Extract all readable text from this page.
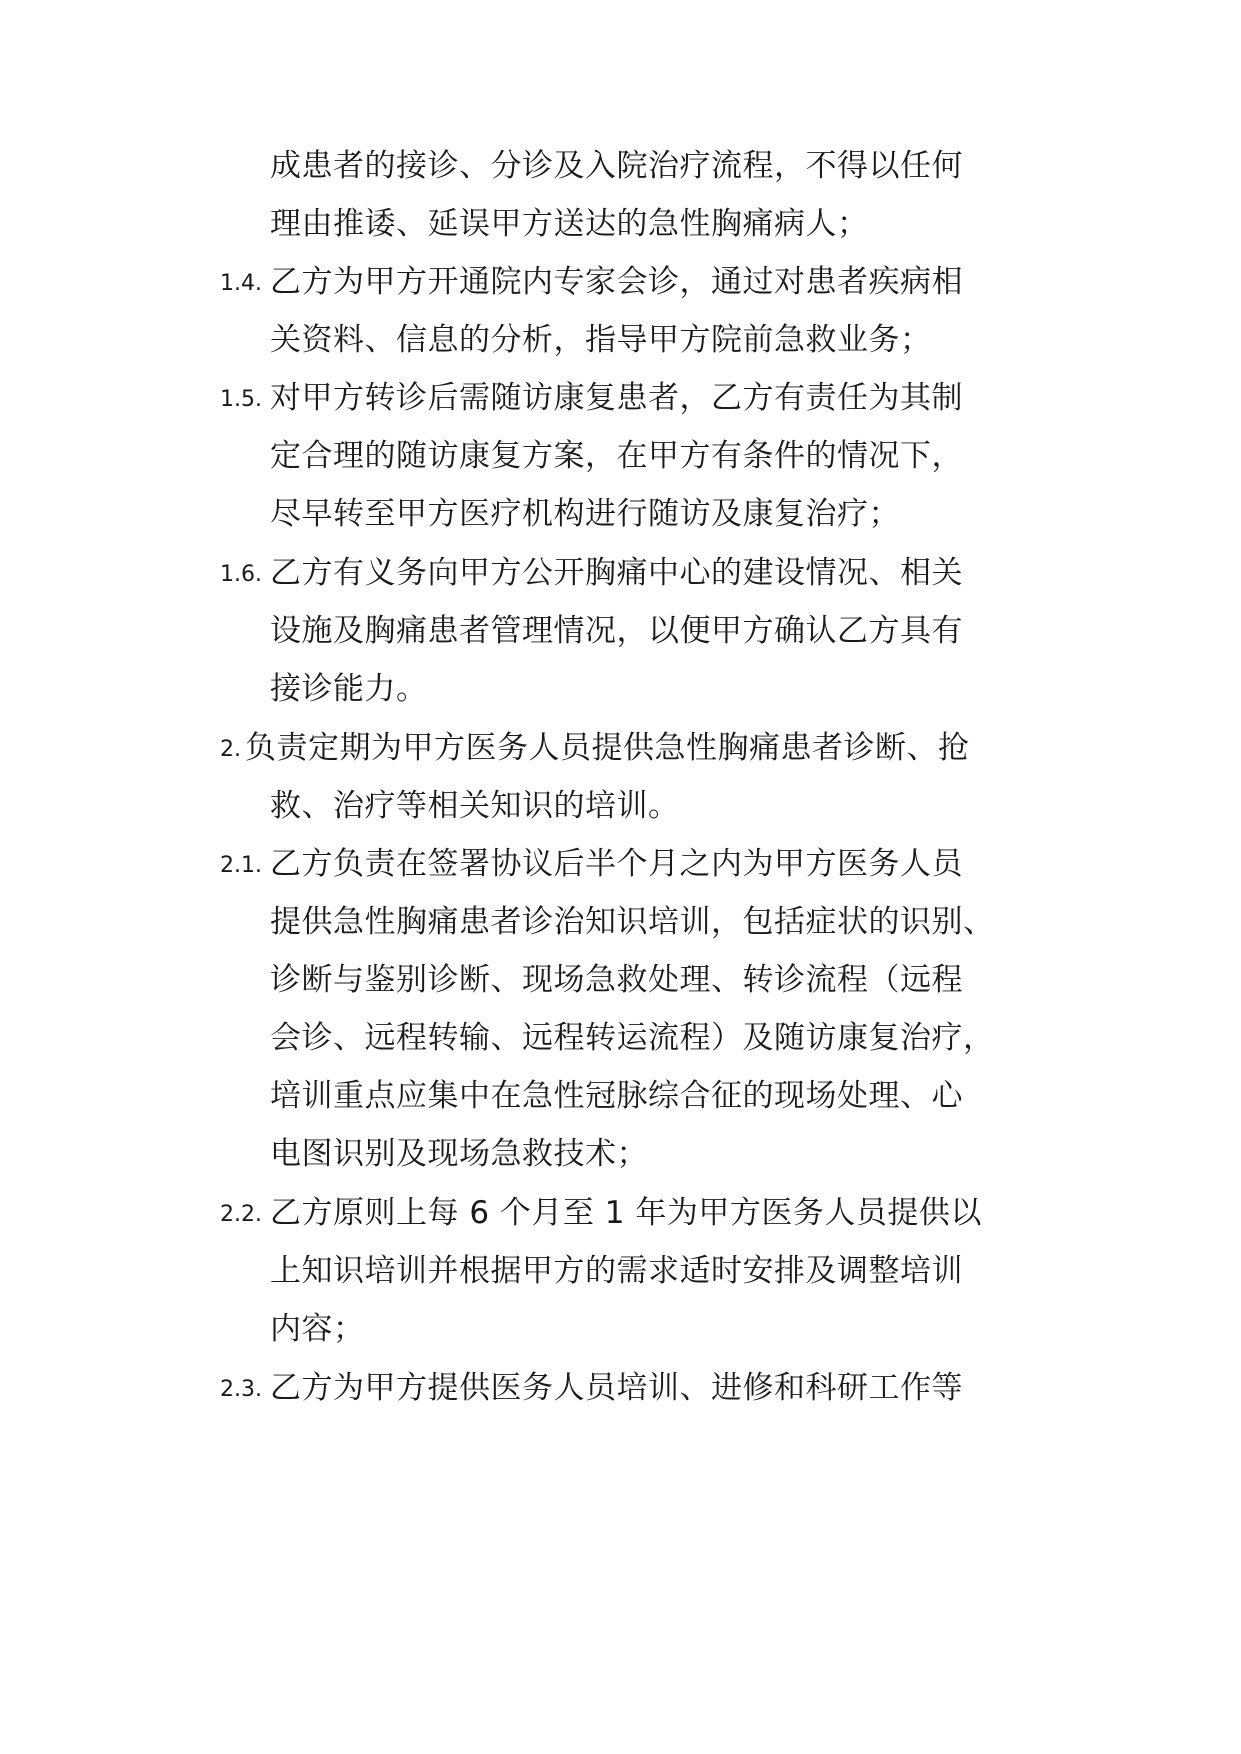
成患者的接诊、分诊及入院治疗流程，不得以任何
理由推诿、延误甲方送达的急性胸痛病人；
1.4. 乙方为甲方开通院内专家会诊，通过对患者疾病相
关资料、信息的分析，指导甲方院前急救业务；
1.5. 对甲方转诊后需随访康复患者，乙方有责任为其制
定合理的随访康复方案，在甲方有条件的情况下，
尽早转至甲方医疗机构进行随访及康复治疗；
1.6. 乙方有义务向甲方公开胸痛中心的建设情况、相关
设施及胸痛患者管理情况，以便甲方确认乙方具有
接诊能力。
2. 负责定期为甲方医务人员提供急性胸痛患者诊断、抢
救、治疗等相关知识的培训。
2.1. 乙方负责在签署协议后半个月之内为甲方医务人员
提供急性胸痛患者诊治知识培训，包括症状的识别、
诊断与鉴别诊断、现场急救处理、转诊流程（远程
会诊、远程转输、远程转运流程）及随访康复治疗，
培训重点应集中在急性冠脉综合征的现场处理、心
电图识别及现场急救技术；
2.2. 乙方原则上每 6 个月至 1 年为甲方医务人员提供以
上知识培训并根据甲方的需求适时安排及调整培训
内容；
2.3. 乙方为甲方提供医务人员培训、进修和科研工作等
